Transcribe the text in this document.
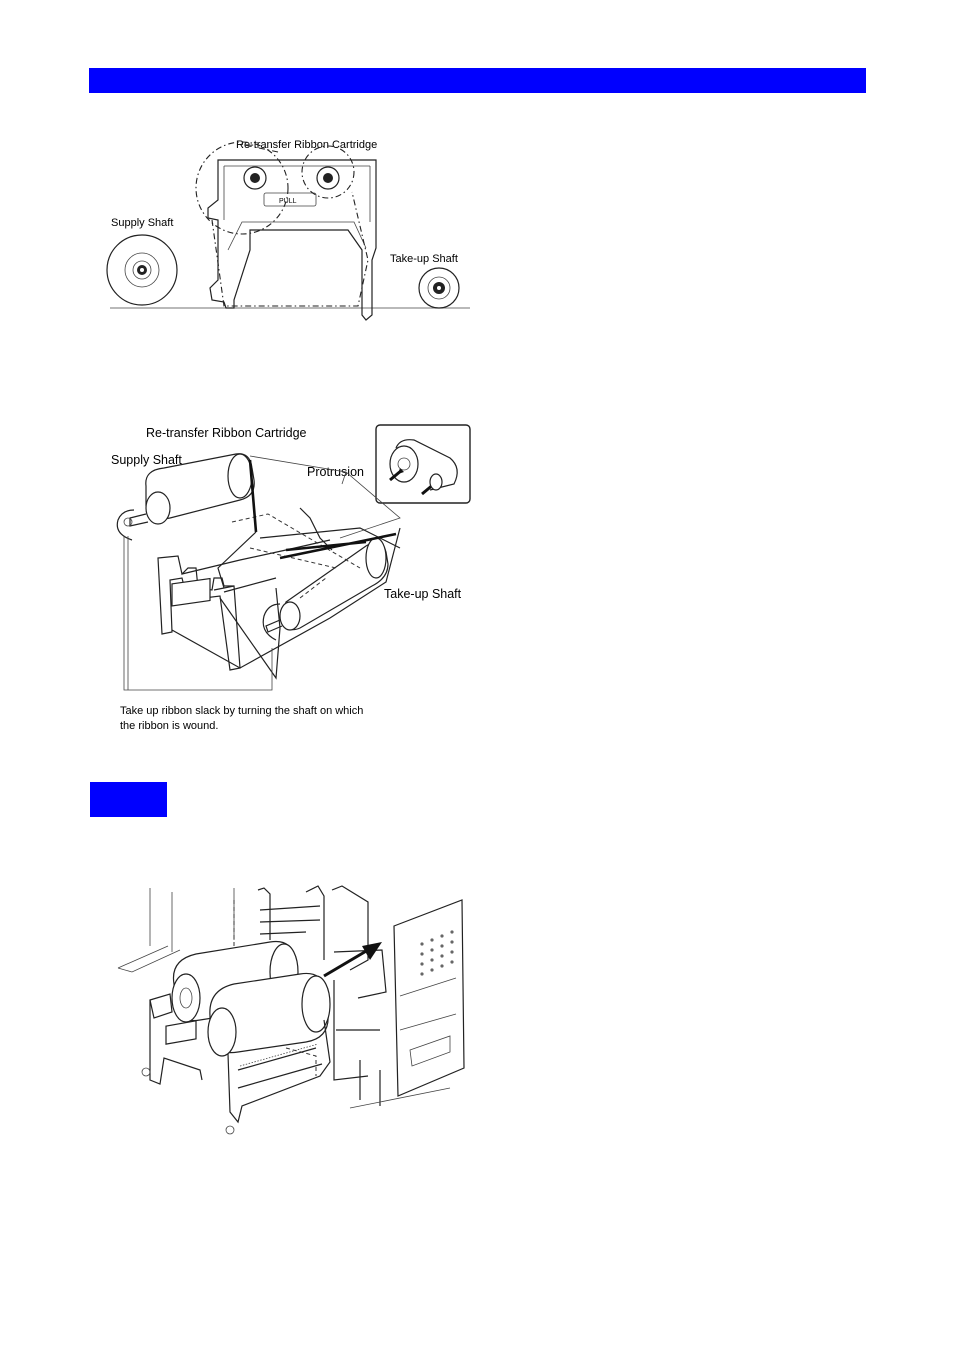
Re-transfer Ribbon Cartridge
Supply Shaft
Take-up Shaft
PULL
Re-transfer Ribbon Cartridge
Supply Shaft
Protrusion
Take-up Shaft
Take up ribbon slack by turning the shaft on which
the ribbon is wound.
